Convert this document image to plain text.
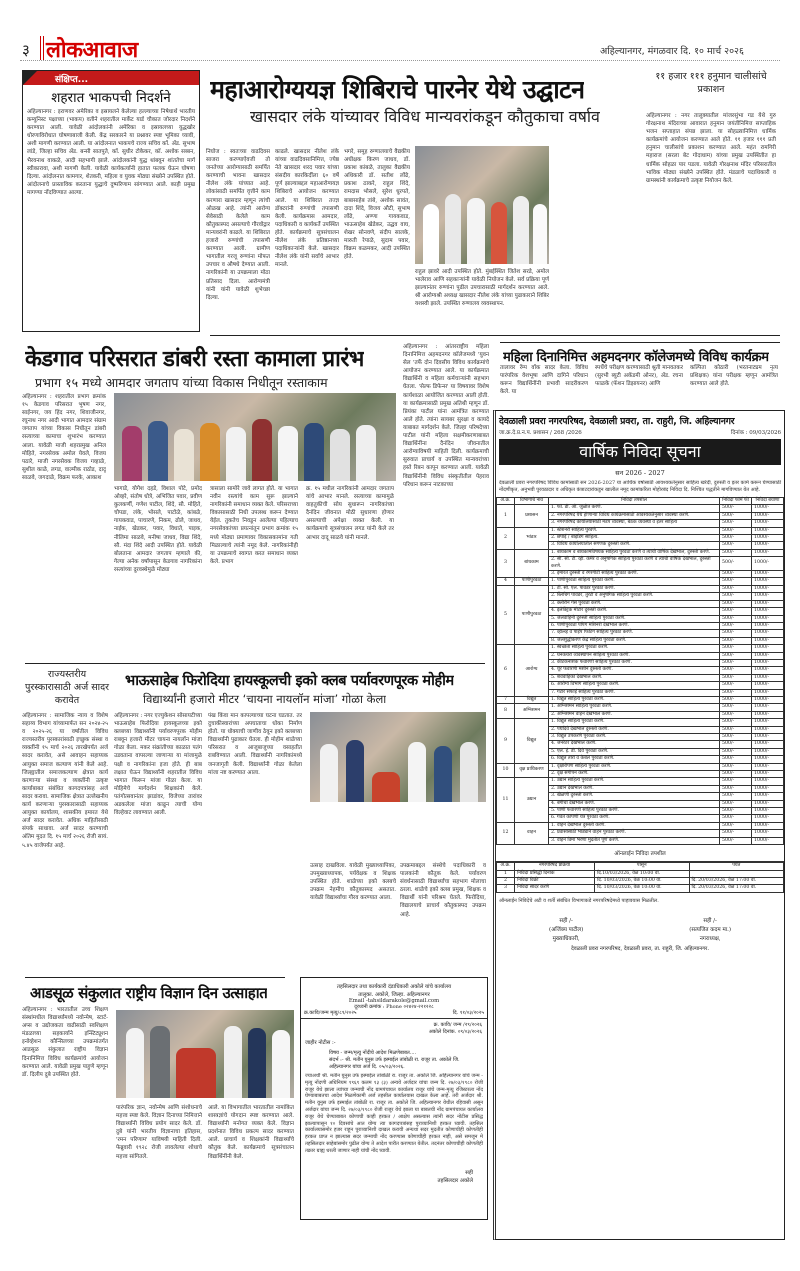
३ लोकआवाज	अहिल्यानगर, मंगळवार दि. १० मार्च २०२६
संक्षिप्त...
शहरात भाकपची निदर्शने
अहिल्यानगर : इराणवर अमेरिका व इस्रायलने केलेल्या हल्ल्याच्या निषेधार्थ भारतीय कम्युनिस्ट पक्षाच्या (भाकप) वतीने शहरातील मार्केट यार्ड चौकात जोरदार निदर्शने करण्यात आली. यावेळी आंदोलकांनी अमेरिका व इस्रायलच्या युद्धखोर धोरणाविरोधात घोषणाबाजी केली. केंद्र सरकारने या प्रश्नावर स्पष्ट भूमिका घ्यावी, अशी मागणी करण्यात आली. या आंदोलनात भाकपचे राज्य सचिव कॉ. ॲड. सुभाष लांडे, जिल्हा सचिव ॲड. बन्सी सातपुते, कॉ. सुधीर टोकेकर, कॉ. अशोक सब्बन, भैरवनाथ वाकळे, आदी सहभागी झाले. आंदोलकांनी युद्ध थांबवून शांततेचा मार्ग स्वीकारावा, अशी मागणी केली. यावेळी कार्यकर्त्यांनी हातात फलक घेऊन घोषणा दिल्या. आंदोलनात कामगार, शेतकरी, महिला व युवक मोठ्या संख्येने उपस्थित होते. आंदोलनाचे प्रास्ताविक करताना युद्धाचे दुष्परिणाम सांगण्यात आले. काही प्रमुख मागण्या नोंदविण्यात आल्या.
महाआरोग्ययज्ञ शिबिराचे पारनेर येथे उद्घाटन
खासदार लंके यांच्यावर विविध मान्यवरांकडून कौतुकाचा वर्षाव
निघोज : स्वतःच्या वाढदिवस साजरा करण्याऐवजी तो जनतेच्या आरोग्यासाठी समर्पित करण्याची भावना खासदार नीलेश लंके यांच्यात आहे. लोकांसाठी समर्पित वृत्तीने काम करणारा खासदार म्हणून त्यांची ओळख आहे. त्यांनी आरोग्य सेवेसाठी केलेले काम कौतुकास्पद असल्याचे गौरवोद्गार मान्यवरांनी काढले. या शिबिरात हजारो रुग्णांची तपासणी करण्यात आली. ग्रामीण भागातील गरजू रुग्णांना मोफत उपचार व औषधे देण्यात आली. नागरिकांनी या उपक्रमाला मोठा प्रतिसाद दिला. आरोग्यमंत्री यांनी यांनी यावेळी शुभेच्छा दिल्या.
काढले. खासदार नीलेश लंके यांच्या वाढदिवसानिमित्त, ज्येष्ठ नेते खासदार शरद पवार यांच्या संसदीय कारकिर्दीला ६० वर्षे पूर्ण झाल्याबद्दल महाआरोग्ययज्ञ शिबिराचे आयोजन करण्यात आले. या शिबिरात तज्ज्ञ डॉक्टरांनी रुग्णांची तपासणी केली. कार्यक्रमास आमदार, पदाधिकारी व कार्यकर्ते उपस्थित होते. कार्यक्रमाचे सूत्रसंचालन नीलेश लंके प्रतिष्ठानच्या पदाधिकाऱ्यांनी केले. खासदार नीलेश लंके यांनी सर्वांचे आभार मानले.
भगरे, समूह रुग्णालयाचे वैद्यकीय अधीक्षक किरण जाधव, डॉ. प्रकाश कांबळे, तालुका वैद्यकीय अधिकारी डॉ. सतीश लोंढे, प्रकाश ठाकरे, राहुल शिंदे, रामदास भोसले, सुरेश धुरपते, बाबासाहेब तांबे, अशोक सावंत, दादा शिंदे, विजय औटी, सुभाष लोंढे, अण्णा गायकवाड, भाऊसाहेब खेडेकर, उद्धव वाघ, शेखर सोनवणे, संदीप सालके, मारुती रेपाळे, सुदाम पवार, विक्रम कळमकर, आदी उपस्थित होते.
राहुल झावरे आदी उपस्थित होते. मुंबईस्थित जितेश सरडे, अमोल भालेराव आणि सहकाऱ्यांनी यावेळी नियोजन केले. सर्व प्रक्रिया पूर्ण झाल्यानंतर रुग्णांना पुढील उपचारासाठी मार्गदर्शन करण्यात आले. श्री आरोग्यश्री अध्यक्ष खासदार नीलेश लंके यांच्या पुढाकाराने शिबिर यशस्वी झाले. उपस्थित रुग्णालय व्यवस्थापन.
११ हजार १११ हनुमान चालीसांचे प्रकाशन
अहिल्यानगर : नगर तालुक्यातील मांजरसुंभा गड येथे गुरु गोरक्षनाथ मंदिराच्या आवारात हनुमान जयंतीनिमित्त साप्ताहिक भजन सप्ताहात संपन्न झाला. या सोहळ्यानिमित्त धार्मिक कार्यक्रमांचे आयोजन करण्यात आले होते. ११ हजार १११ प्रती हनुमान चालीसांचे प्रकाशन करण्यात आले. महंत रामगिरी महाराज (सरला बेट गोदाधाम) यांच्या प्रमुख उपस्थितीत हा धार्मिक सोहळा पार पडला. यावेळी गोरक्षनाथ मंदिर परिसरातील भाविक मोठ्या संख्येने उपस्थित होते. मंडळाचे पदाधिकारी व ग्रामस्थांनी कार्यक्रमाचे उत्कृष्ट नियोजन केले.
केडगाव परिसरात डांबरी रस्ता कामाला प्रारंभ
प्रभाग १५ मध्ये आमदार जगताप यांच्या विकास निधीतून रस्ताकाम
अहिल्यानगर : शहरातील प्रभाग क्रमांक १५ केडगाव परिसरात भूषण नगर, साईनगर, जय हिंद नगर, शिवाजीनगर, रघुनाथ नगर आदी भागात आमदार संग्राम जगताप यांच्या विकास निधीतून डांबरी रस्त्याच्या कामाचा शुभारंभ करण्यात आला. यावेळी माजी शहरप्रमुख अनिल मोहिते, नगरसेवक अमोल येवले, विजय पठारे, माजी नगरसेवक विजय गव्हाळे, सुशील काळे, लगड, वाल्मीक राठोड, दादू साळवे, जगदाळे, विक्रम फरके, आकाश
भागाडे, योगेश दहडे, विशाल पोटे, प्रमोद ओव्हरे, संतोष धोत्रे, अभिजित पवार, प्रवीण कुलकर्णी, गणेश पाटील, शिंदे, सौ. मोहिते, चोपडा, लंके, भोसले, पाटोळे, कांबळे, गायकवाड, पाचारणे, निकम, ढोले, जाधव, नाईक, खेडकर, पवार, विधाते, पाइक, नीलिमा साळवे, मनीषा जाधव, विद्या शिंदे, सौ. मंदा शिंदे आदी उपस्थित होते. यावेळी बोलताना आमदार जगताप म्हणाले की, गेल्या अनेक वर्षांपासून केडगाव नागरिकांना रस्त्यांच्या दुरवस्थेमुळे मोठ्या
त्रासाला सामोरे जावे लागत होते. या भागात नवीन रस्त्यांचे काम सुरू झाल्याने नागरिकांनी समाधान व्यक्त केले. परिसराच्या विकासासाठी निधी उपलब्ध करून देण्यात येईल. तुकतेच निवडून आलेल्या पहिल्याच नगरसेवकांच्या प्रयत्नांतून प्रभाग क्रमांक १५ मध्ये मोठ्या प्रमाणावर विकासकामांना गती मिळाल्याचे त्यांनी नमूद केले. नागरिकांनीही या उपक्रमाचे स्वागत करत समाधान व्यक्त केले. प्रभाग
क्र. १५ मधील नागरिकांनी आमदार जगताप यांचे आभार मानले. रस्त्याच्या कामामुळे वाहतुकीची सोय सुधारून नागरिकांच्या दैनंदिन जीवनात मोठी सुधारणा होणार असल्याची अपेक्षा व्यक्त केली. या कार्यक्रमाचे सूत्रसंचालन लगड यांनी केले तर आभार दादू साळवे यांनी मानले.
अहिल्यानगर : आंतरराष्ट्रीय महिला दिनानिमित्त अहमदनगर कॉलेजमध्ये 'युवन सेल 'तर्फे दोन दिवसीय विविध कार्यक्रमांचे आयोजन करण्यात आले. या कार्यक्रमात विद्यार्थिनी व महिला कर्मचाऱ्यांनी सहभाग घेतला. 'सेल्फ डिफेन्स' या विषयावर विशेष कार्यशाळा आयोजित करण्यात आली होती. या कार्यक्रमासाठी प्रमुख अतिथी म्हणून डॉ. प्रियंका पाटील यांना आमंत्रित करण्यात आले होते. त्यांना सायबर सुरक्षा व कायदे याबाबत मार्गदर्शन केले. जिल्हा परिषदेच्या पाटील यांनी महिला सक्षमीकरणाबाबत विद्यार्थिनींना दैनंदिन जीवनातील आरोग्याविषयी माहिती दिली. कार्यक्रमाची सुरुवात प्राचार्य व उपस्थित मान्यवरांच्या हस्ते रिबन कापून करण्यात आली. यावेळी विद्यार्थिनींनी विविध संस्कृतीतील पेहराव परिधान करून नाटकाच्या
महिला दिनानिमित्त अहमदनगर कॉलेजमध्ये विविध कार्यक्रम
तालावर रॅम्प वॉक सादर केला. विविध पारंपरिक वेशभूषा आणि दागिने परिधान करून विद्यार्थिनींनी प्रभावी सादरीकरण केले. या
स्पर्धेचे परीक्षण करण्यासाठी श्रुती मानवतकर (सुरभी ब्युटी अकॅडमी ओनर), ॲड. रचना फाळके (फॅशन डिझायनर) आणि
कल्पिता कोठारी (भरतनाट्यम नृत्य प्रशिक्षक) यांना परीक्षक म्हणून आमंत्रित करण्यात आले होते.
देवळाली प्रवरा नगरपरिषद, देवळाली प्रवरा, ता. राहुरी, जि. अहिल्यानगर
जा.क्र.दे.प्र.न.प. प्रशासन / 268 /2026	दिनांक : 09/03/2026
वार्षिक निविदा सूचना
सन 2026 - 2027
देवळाली प्रवरा नगरपरिषद विविध कामांसाठी सन 2026-2027 या आर्थिक वर्षासाठी आवश्यकतेनुसार साहित्य खरेदी, दुरुस्ती व इतर कामे करून घेण्यासाठी नोंदणीकृत, अनुभवी पुरवठादार व अधिकृत कंत्राटदारांकडून खालील नमूद कामांकरिता मोहोरबंद निविदा दि. निश्चित पद्धतीने मागविण्यात येत आहे.
अ.क्र.	विभागाचे नाव	निविदा तपशील	निविदा फॉर्म फी	निविदा बयाणा
1	प्रशासन	1. फॉ. डी. ओ. जुळीत करणे.	500/-	1000/-
		2. नगरपरिषद येथे होणाऱ्या विविध कार्यक्रमासाठी आवश्यकतेनुसार व्यवस्था करणे.	500/-	1000/-
		3. नगरपरिषद कार्यालयासाठी मंडप व्यवस्था, बैठक व्यवस्था व इतर साहित्य	500/-	1000/-
2	भांडार	1. स्टेशनरी साहित्य पुरवणे.	500/-	1000/-
		2. छपाई / बाइंडिंग साहित्य.	500/-	1000/-
		3. विविध कार्यालयातील संगणक दुरुस्ती करणे.	500/-	1000/-
3	बांधकाम	1. बांधकाम व बांधकामविषयक साहित्य पुरवठा करणे व त्याची वार्षिक देखभाल, दुरुस्ती करणे.	500/-	1000/-
		2. सी. सी. टी. व्ही. कॅमेरे व अनुषंगिक साहित्य पुरवठा करणे व त्याची वार्षिक देखभाल, दुरुस्ती करणे.	500/-	1000/-
		3. इमारत दुरुस्ती व रंगरंगोटी साहित्य पुरवठा करणे.	500/-	1000/-
4	पाणीपुरवठा	1. पाणीपुरवठा साहित्य पुरवठा करणे.	500/-	1000/-
5	पाणीपुरवठा	1. टी. सी. एल. पावडर पुरवठा करणे.	500/-	1000/-
		2. ब्लिचिंग पावडर, तुरटी व अनुषंगिक साहित्य पुरवठा करणे.	500/-	1000/-
		3. क्लोरीन गॅस पुरवठा करणे.	500/-	1000/-
		4. इलेक्ट्रिक मोटार दुरुस्ती करणे.	500/-	1000/-
		5. जलवाहिनी दुरुस्ती साहित्य पुरवठा करणे.	500/-	1000/-
		6. पाणीपुरवठा पंपिंग मशिनरी देखभाल करणे.	500/-	1000/-
		7. व्हॉल्व्ह व पाईप फिटिंग साहित्य पुरवठा करणे.	500/-	1000/-
		8. जलशुद्धीकरण केंद्र साहित्य पुरवठा करणे.	500/-	1000/-
6	आरोग्य	1. स्वच्छता साहित्य पुरवठा करणे.	500/-	1000/-
		2. घनकचरा व्यवस्थापन साहित्य पुरवठा करणे.	500/-	1000/-
		3. कीटकनाशक फवारणी साहित्य पुरवठा करणे.	500/-	1000/-
		4. धूर फवारणी मशीन दुरुस्ती करणे.	500/-	1000/-
		5. शववाहिका देखभाल करणे.	500/-	1000/-
		6. आरोग्य विभाग साहित्य पुरवठा करणे.	500/-	1000/-
		7. गटार सफाई साहित्य पुरवठा करणे.	500/-	1000/-
7	विद्युत	1. विद्युत साहित्य पुरवठा करणे.	500/-	1000/-
8	अग्निशमन	1. अग्निशमन साहित्य पुरवठा करणे.	500/-	1000/-
		2. अग्निशमन वाहन देखभाल करणे.	500/-	1000/-
9	विद्युत	1. विद्युत साहित्य पुरवठा करणे.	500/-	1000/-
		2. पथदिवे देखभाल दुरुस्ती करणे.	500/-	1000/-
		3. विद्युत उपकरणे पुरवठा करणे.	500/-	1000/-
		4. जनरेटर देखभाल करणे.	500/-	1000/-
		5. एल. ई. डी. दिवे पुरवठा करणे.	500/-	1000/-
		6. विद्युत तारा व केबल पुरवठा करणे.	500/-	1000/-
10	वृक्ष प्राधिकरण	1. वृक्षारोपण साहित्य पुरवठा करणे.	500/-	1000/-
		2. वृक्ष संगोपन करणे.	500/-	1000/-
11	उद्यान	1. उद्यान साहित्य पुरवठा करणे.	500/-	1000/-
		2. उद्यान देखभाल करणे.	500/-	1000/-
		3. खेळणी दुरुस्ती करणे.	500/-	1000/-
		4. बगीचा देखभाल करणे.	500/-	1000/-
		5. पाणी फवारणी साहित्य पुरवठा करणे.	500/-	1000/-
		6. गवत कापणी यंत्र पुरवठा करणे.	500/-	1000/-
12	वाहन	1. वाहन देखभाल दुरुस्ती करणे.	500/-	1000/-
		2. प्रवासासाठी भाड्याने वाहन पुरवठा करणे.	500/-	1000/-
		3. वाहन विमा भरणा मुदतीत पूर्ण करणे.	500/-	1000/-
ऑनलाईन निविदा तपशील
अ.क्र.	नगरपरिषद प्रक्रिया	पासून	पर्यंत
1	निविदा प्रसिद्धी दिनांक	दि.10/03/2026, वेळ 10:00 वा.	
2	निविदा विक्री	दि. 10/03/2026, वेळ 10:00 वा.	दि. 20/03/2026, वेळ 17:00 वा.
3	निविदा सादर करणे	दि. 10/03/2026, वेळ 10:00 वा.	दि. 20/03/2026, वेळ 17:00 वा.
ऑनलाईन निविदेचे अटी व शर्ती संबंधित विभागाकडे नगरपरिषदेमध्ये पाहावयास मिळतील.
सही /-
(अजिंक्य पाटील)
मुख्याधिकारी,
सही /-
(सत्यजित कदम मा.)
नगराध्यक्ष,
देवळाली प्रवरा नगरपरिषद, देवळाली प्रवरा, ता. राहुरी, जि. अहिल्यानगर.
राज्यस्तरीय पुरस्कारासाठी अर्ज सादर करावेत
अहिल्यानगर : सामाजिक न्याय व विशेष सहाय्य विभाग यांच्यामार्फत सन २०२४-२५ व २०२५-२६ या वर्षातील विविध राज्यस्तरीय पुरस्कारांसाठी इच्छुक संस्था व व्यक्तींनी १५ मार्च २०२६ तारखेपर्यंत अर्ज सादर करावेत, असे आवाहन सहाय्यक आयुक्त समाज कल्याण यांनी केले आहे. जिल्ह्यातील समाजकल्याण क्षेत्रात कार्य करणाऱ्या संस्था व व्यक्तींनी उत्कृष्ट कार्याबाबत संबंधित कागदपत्रांसह अर्ज सादर करावा. सामाजिक क्षेत्रात उल्लेखनीय कार्य करणाऱ्या पुरस्कारासाठी सहाय्यक आयुक्त कार्यालय, शासकीय इमारत येथे अर्ज सादर करावेत. अधिक माहितीसाठी संपर्क साधावा. अर्ज सादर करण्याची अंतिम मुदत दि. १५ मार्च २०२६ रोजी सायं. ५.४५ वाजेपर्यंत आहे.
भाऊसाहेब फिरोदिया हायस्कूलची इको क्लब पर्यावरणपूरक मोहीम
विद्यार्थ्यांनी हजारो मीटर ‘चायना नायलॉन मांजा’ गोळा केला
अहिल्यानगर : नगर एज्युकेशन सोसायटीच्या भाऊसाहेब फिरोदिया हायस्कूलच्या इको क्लबच्या विद्यार्थ्यांनी पर्यावरणपूरक मोहीम राबवून हजारो मीटर चायना नायलॉन मांजा गोळा केला. मकर संक्रांतीच्या काळात पतंग उडवताना वापरल्या जाणाऱ्या या मांजामुळे पक्षी व नागरिकांना इजा होते. ही बाब लक्षात घेऊन विद्यार्थ्यांनी शहरातील विविध भागात फिरून मांजा गोळा केला. या मोहिमेचे मार्गदर्शन शिक्षकांनी केले. पतंगोत्सवानंतर झाडांवर, विजेच्या तारांवर अडकलेला मांजा काढून त्याची योग्य विल्हेवाट लावण्यात आली.
पंख किंवा मान कापल्याच्या घटना घडतात. तर दुचाकीस्वारांच्या अपघाताचा धोका निर्माण होतो. या धोक्याची जाणीव ठेवून इको क्लबच्या विद्यार्थ्यांनी पुढाकार घेतला. ही मोहीम शाळेच्या परिसरात व आजूबाजूच्या वसाहतीत राबविण्यात आली. विद्यार्थ्यांनी नागरिकांमध्ये जनजागृती केली. विद्यार्थ्यांनी गोळा केलेला मांजा नष्ट करण्यात आला.
उत्साह दाखविला. यावेळी मुख्याध्यापिका, उपमुख्याध्यापक, पर्यवेक्षक व शिक्षक उपस्थित होते. शाळेच्या इको क्लबचे उपक्रम नेहमीच कौतुकास्पद असतात. यावेळी विद्यार्थ्यांचा गौरव करण्यात आला.
उपक्रमाबद्दल संस्थेचे पदाधिकारी व पालकांनी कौतुक केले. पर्यावरण संवर्धनासाठी विद्यार्थ्यांचा सहभाग मोलाचा ठरला. शाळेचे इको क्लब प्रमुख, शिक्षक व विद्यार्थी यांनी परिश्रम घेतले. फिरोदिया, विद्यालयाचे प्राचार्य कौतुकास्पद उपक्रम आहे.
आडसूळ संकुलात राष्ट्रीय विज्ञान दिन उत्साहात
अहिल्यानगर : भारतातील उच्च शिक्षण संस्थांमधील विद्यार्थ्यांमध्ये नवोन्मेष, स्टार्ट- अप्स व उद्योजकता वाढीसाठी स्वशिक्षण मंडळाच्या सहकार्याने इन्स्टिट्यूशन इनोव्हेशन कौन्सिलच्या उपक्रमांतर्गत आडसूळ संकुलात राष्ट्रीय विज्ञान दिनानिमित्त विविध कार्यक्रमांचे आयोजन करण्यात आले. यावेळी प्रमुख पाहुणे म्हणून डॉ. दिलीप दुबे उपस्थित होते.
पारंपरिक ज्ञान, नवोन्मेष आणि संशोधनाचे महत्त्व स्पष्ट केले. विज्ञान दिनाच्या निमित्ताने विद्यार्थ्यांनी विविध प्रयोग सादर केले. डॉ. दुबे यांनी भारतीय विज्ञानाचा इतिहास, 'रमन परिणाम' याविषयी माहिती दिली. फेब्रुवारी १९२८ रोजी लावलेल्या शोधाचे महत्त्व सांगितले.
आले. या विभागातील भारतातील नामांकित शास्त्रज्ञांचे योगदान स्पष्ट करण्यात आले. विद्यार्थ्यांनी मनोगत व्यक्त केले. विज्ञान प्रदर्शनात विविध प्रकल्प सादर करण्यात आले. प्राचार्य व शिक्षकांनी विद्यार्थ्यांचे कौतुक केले. कार्यक्रमाचे सूत्रसंचालन विद्यार्थिनींनी केले.
तहसिलदार तथा कार्यकारी दंडाधिकारी अकोले यांचे कार्यालय
तालुका. अकोले, जिल्हा. अहिल्यानगर
Email -tahsildarakole@gmail.com
दूरध्वनी क्रमांक : Phone ०२४२४-२२१२२८
क्र.कावि/जन्म मृत्यु/८९/२०२५	दि. ११/०३/२०२५
क्र. कावि/ जन्म /२९/२०२६
अकोले दिनांक. ०९/०३/२०२६
जाहीर नोटीस :-
विषय - जन्म/मृत्यु नोंदीचे आदेश मिळणेबाबत....
संदर्भ :- श्री. मतीन युनुस उर्फ इस्माईल तांबोळी रा. राजूर ता. अकोले जि. अहिल्यानगर यांचा अर्ज दि. ०५/०३/२०२६.
ज्याअर्थी श्री. मतीन युनुस उर्फ इस्माईल तांबोळी रा. राजूर ता. अकोले जि. अहिल्यानगर यांचे जन्म - मृत्यु नोंदणी अधिनियम १९६९ कलम १३ (३) अन्वये अर्जदार यांचा जन्म दि. २७/०३/१९८० रोजी राजूर येथे झाला त्यांच्या जन्माची नोंद ग्रामपंचायत कार्यालय राजूर यांचे जन्म-मृत्यु रजिस्टरला नोंद घेण्याबाबतचा आदेश मिळणेकामी अर्ज तहसील कार्यालयास दाखल केला आहे. तरी अर्जदार श्री. मतीन युनुस उर्फ इस्माईल तांबोळी रा. राजूर ता. अकोले जि. अहिल्यानगर येथील रहिवासी असून अर्जदार यांचा जन्म दि. २७/०३/१९८० रोजी राजूर येथे झाला या बाबतची नोंद ग्रामपंचायत कार्यालय राजूर येथे घेण्याबाबत कोणाची काही हरकत / आक्षेप असल्यास त्यांनी सदर नोटीस प्रसिद्ध झाल्यापासून १० दिवसांचे आत योग्य त्या कागदपत्रांसह पुराव्यानिशी हरकत घ्यावी. तहसिल कार्यालयासमोर हजर राहून पुराव्यानिशी दाखल करावी अन्यथा सदर मुदतीत कोणाचीही कोणतीही हरकत प्राप्त न झाल्यास सदर जन्माची नोंद करण्यास कोणाचीही हरकत नाही, असे समजून मे तहसिलदार साहेबांसमोर पुढील योग्य ते आदेश पारीत करण्यात येतील. तदनंतर कोणाचीही कोणतीही तक्रार ग्राह्य धरली जाणार नाही यांची नोंद घ्यावी.
सही
तहसिलदार अकोले
